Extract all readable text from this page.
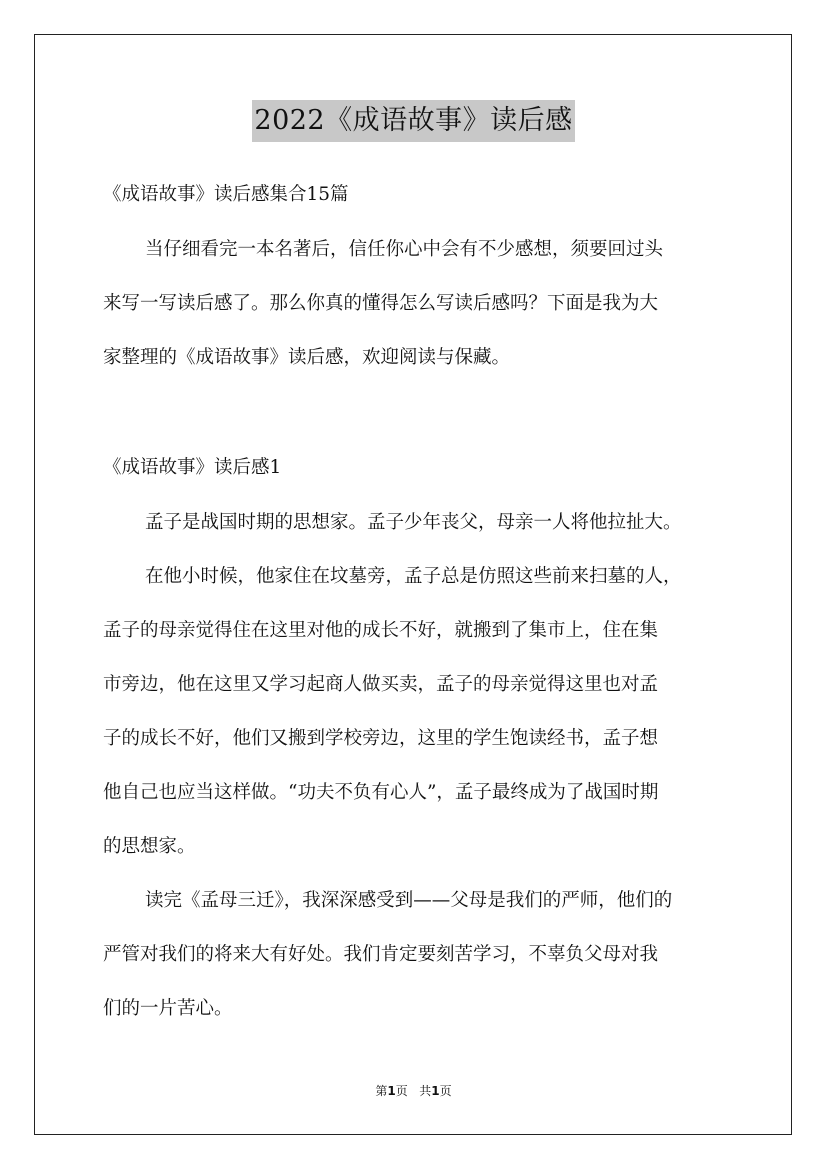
2022《成语故事》读后感
《成语故事》读后感集合15篇
当仔细看完一本名著后，信任你心中会有不少感想，须要回过头
来写一写读后感了。那么你真的懂得怎么写读后感吗？下面是我为大
家整理的《成语故事》读后感，欢迎阅读与保藏。
《成语故事》读后感1
孟子是战国时期的思想家。孟子少年丧父，母亲一人将他拉扯大。
在他小时候，他家住在坟墓旁，孟子总是仿照这些前来扫墓的人，
孟子的母亲觉得住在这里对他的成长不好，就搬到了集市上，住在集
市旁边，他在这里又学习起商人做买卖，孟子的母亲觉得这里也对孟
子的成长不好，他们又搬到学校旁边，这里的学生饱读经书，孟子想
他自己也应当这样做。“功夫不负有心人”，孟子最终成为了战国时期
的思想家。
读完《孟母三迁》，我深深感受到——父母是我们的严师，他们的
严管对我们的将来大有好处。我们肯定要刻苦学习，不辜负父母对我
们的一片苦心。
第1页 共1页
